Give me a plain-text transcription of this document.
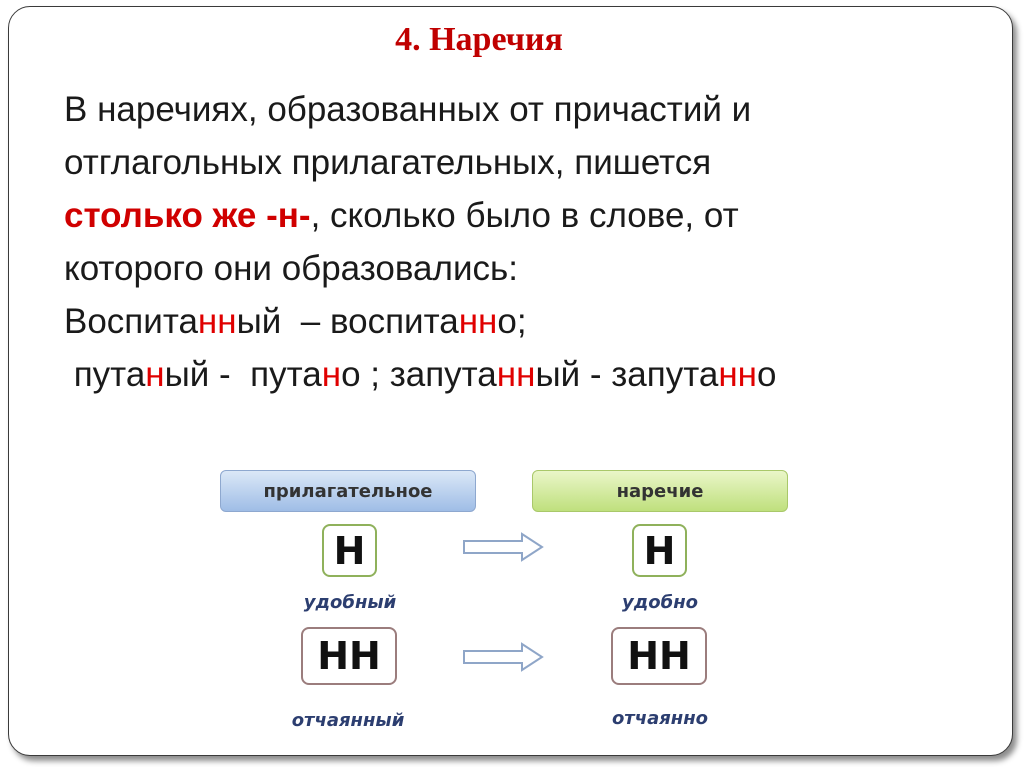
4. Наречия
В наречиях, образованных от причастий и
отглагольных прилагательных, пишется
столько же -н-, сколько было в слове, от
которого они образовались:
Воспитанный  – воспитанно;
путаный -  путано ; запутанный - запутанно
прилагательное	наречие
Н	Н
удобный	удобно
НН	НН
отчаянный	отчаянно
